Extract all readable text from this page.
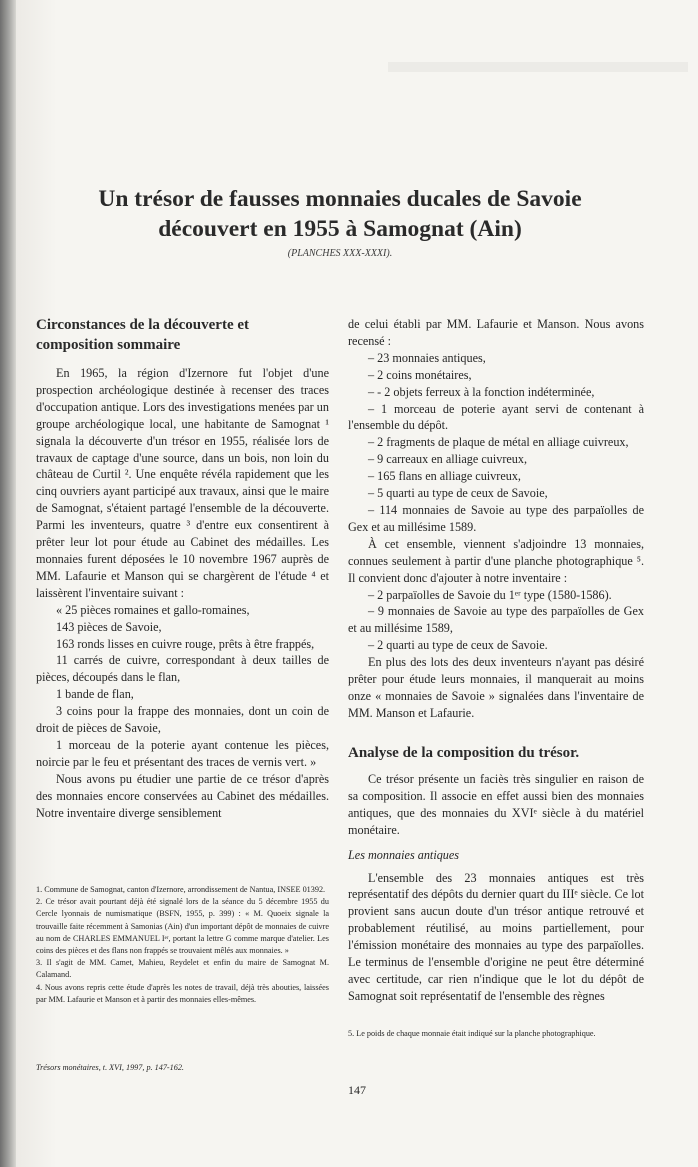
Un trésor de fausses monnaies ducales de Savoie
découvert en 1955 à Samognat (Ain)
(PLANCHES XXX-XXXI).
Circonstances de la découverte et
composition sommaire

En 1965, la région d'Izernore fut l'objet d'une prospection archéologique destinée à recenser des traces d'occupation antique. Lors des investigations menées par un groupe archéologique local, une habitante de Samognat ¹ signala la découverte d'un trésor en 1955, réalisée lors de travaux de captage d'une source, dans un bois, non loin du château de Curtil ². Une enquête révéla rapidement que les cinq ouvriers ayant participé aux travaux, ainsi que le maire de Samognat, s'étaient partagé l'ensemble de la découverte. Parmi les inventeurs, quatre ³ d'entre eux consentirent à prêter leur lot pour étude au Cabinet des médailles. Les monnaies furent déposées le 10 novembre 1967 auprès de MM. Lafaurie et Manson qui se chargèrent de l'étude ⁴ et laissèrent l'inventaire suivant :

« 25 pièces romaines et gallo-romaines,

143 pièces de Savoie,

163 ronds lisses en cuivre rouge, prêts à être frappés,

11 carrés de cuivre, correspondant à deux tailles de pièces, découpés dans le flan,

1 bande de flan,

3 coins pour la frappe des monnaies, dont un coin de droit de pièces de Savoie,

1 morceau de la poterie ayant contenue les pièces, noircie par le feu et présentant des traces de vernis vert. »

Nous avons pu étudier une partie de ce trésor d'après des monnaies encore conservées au Cabinet des médailles. Notre inventaire diverge sensiblement

1. Commune de Samognat, canton d'Izernore, arrondissement de Nantua, INSEE 01392.

2. Ce trésor avait pourtant déjà été signalé lors de la séance du 5 décembre 1955 du Cercle lyonnais de numismatique (BSFN, 1955, p. 399) : « M. Quoeix signale la trouvaille faite récemment à Samonias (Ain) d'un important dépôt de monnaies de cuivre au nom de CHARLES EMMANUEL Iᵉʳ, portant la lettre G comme marque d'atelier. Les coins des pièces et des flans non frappés se trouvaient mêlés aux monnaies. »

3. Il s'agit de MM. Camet, Mahieu, Reydelet et enfin du maire de Samognat M. Calamand.

4. Nous avons repris cette étude d'après les notes de travail, déjà très abouties, laissées par MM. Lafaurie et Manson et à partir des monnaies elles-mêmes.

Trésors monétaires, t. XVI, 1997, p. 147-162.

de celui établi par MM. Lafaurie et Manson. Nous avons recensé :

– 23 monnaies antiques,

– 2 coins monétaires,

– - 2 objets ferreux à la fonction indéterminée,

– 1 morceau de poterie ayant servi de contenant à l'ensemble du dépôt.

– 2 fragments de plaque de métal en alliage cuivreux,

– 9 carreaux en alliage cuivreux,

– 165 flans en alliage cuivreux,

– 5 quarti au type de ceux de Savoie,

– 114 monnaies de Savoie au type des parpaïolles de Gex et au millésime 1589.

À cet ensemble, viennent s'adjoindre 13 monnaies, connues seulement à partir d'une planche photographique ⁵. Il convient donc d'ajouter à notre inventaire :

– 2 parpaïolles de Savoie du 1ᵉʳ type (1580-1586).

– 9 monnaies de Savoie au type des parpaïolles de Gex et au millésime 1589,

– 2 quarti au type de ceux de Savoie.

En plus des lots des deux inventeurs n'ayant pas désiré prêter pour étude leurs monnaies, il manquerait au moins onze « monnaies de Savoie » signalées dans l'inventaire de MM. Manson et Lafaurie.

Analyse de la composition du trésor.

Ce trésor présente un faciès très singulier en raison de sa composition. Il associe en effet aussi bien des monnaies antiques, que des monnaies du XVIᵉ siècle à du matériel monétaire.

Les monnaies antiques

L'ensemble des 23 monnaies antiques est très représentatif des dépôts du dernier quart du IIIᵉ siècle. Ce lot provient sans aucun doute d'un trésor antique retrouvé et probablement réutilisé, au moins partiellement, pour l'émission monétaire des monnaies au type des parpaïolles. Le terminus de l'ensemble d'origine ne peut être déterminé avec certitude, car rien n'indique que le lot du dépôt de Samognat soit représentatif de l'ensemble des règnes

5. Le poids de chaque monnaie était indiqué sur la planche photographique.
147
